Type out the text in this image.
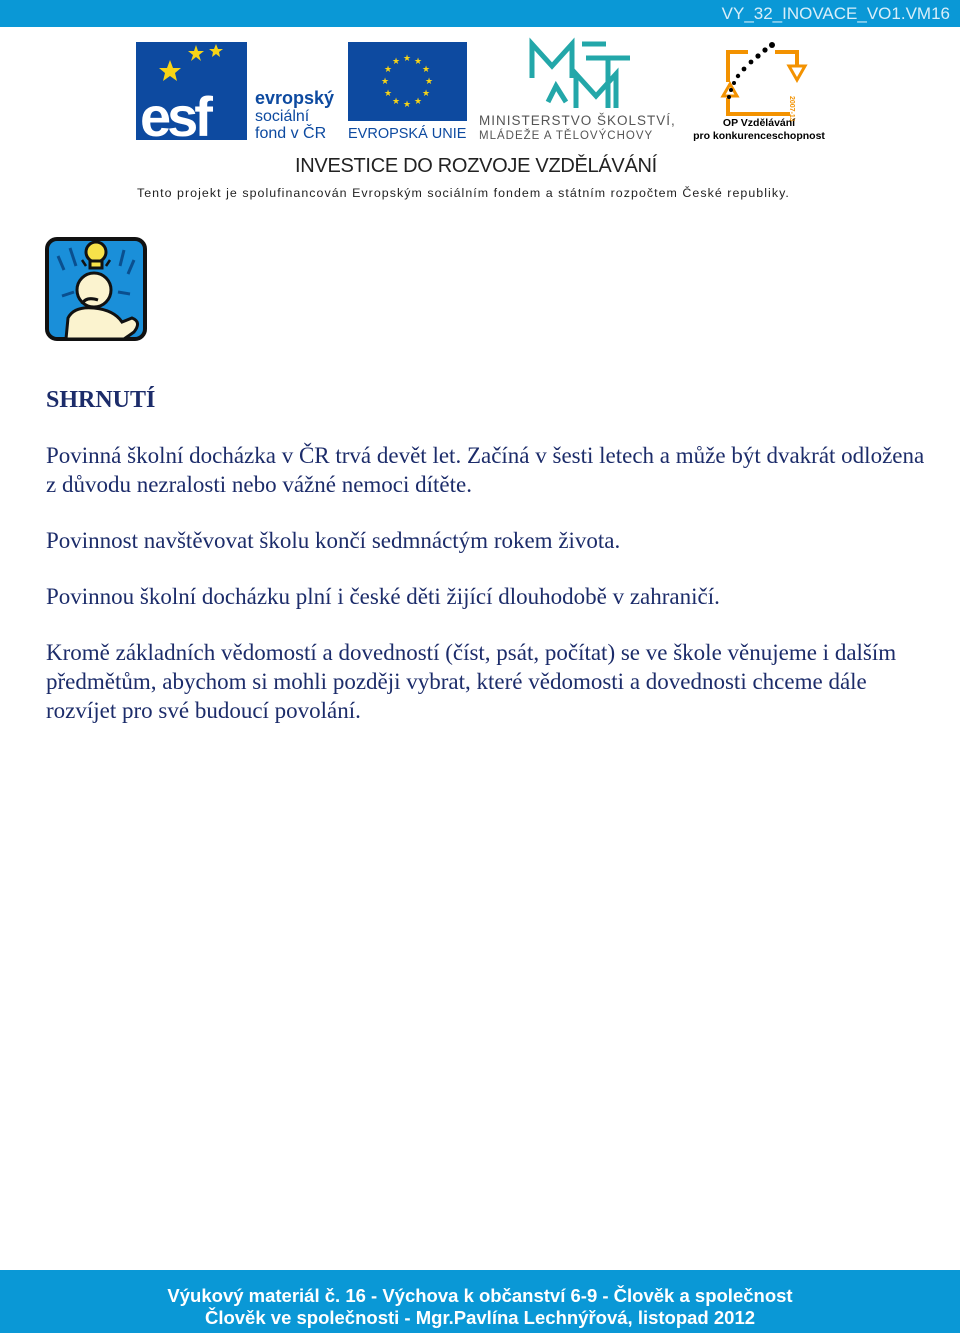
VY_32_INOVACE_VO1.VM16
esf	evropský
sociální
fond v ČR
★ ★
★
★
★
★
★
★
★
★
★
★
EVROPSKÁ UNIE
MINISTERSTVO ŠKOLSTVÍ,
MLÁDEŽE A TĚLOVÝCHOVY
2007-13
OP Vzdělávání
pro konkurenceschopnost
INVESTICE DO ROZVOJE VZDĚLÁVÁNÍ
Tento projekt je spolufinancován Evropským sociálním fondem a státním rozpočtem České republiky.
SHRNUTÍ

Povinná školní docházka v ČR trvá devět let. Začíná v šesti letech a může být dvakrát odložena z důvodu nezralosti nebo vážné nemoci dítěte.

Povinnost navštěvovat školu končí sedmnáctým rokem života.

Povinnou školní docházku plní i české děti žijící dlouhodobě v zahraničí.

Kromě základních vědomostí a dovedností (číst, psát, počítat) se ve škole věnujeme i dalším předmětům, abychom si mohli později vybrat, které vědomosti a dovednosti chceme dále rozvíjet pro své budoucí povolání.

Výukový materiál č. 16 - Výchova k občanství 6-9 - Člověk a společnost
Člověk ve společnosti - Mgr.Pavlína Lechnýřová, listopad 2012
